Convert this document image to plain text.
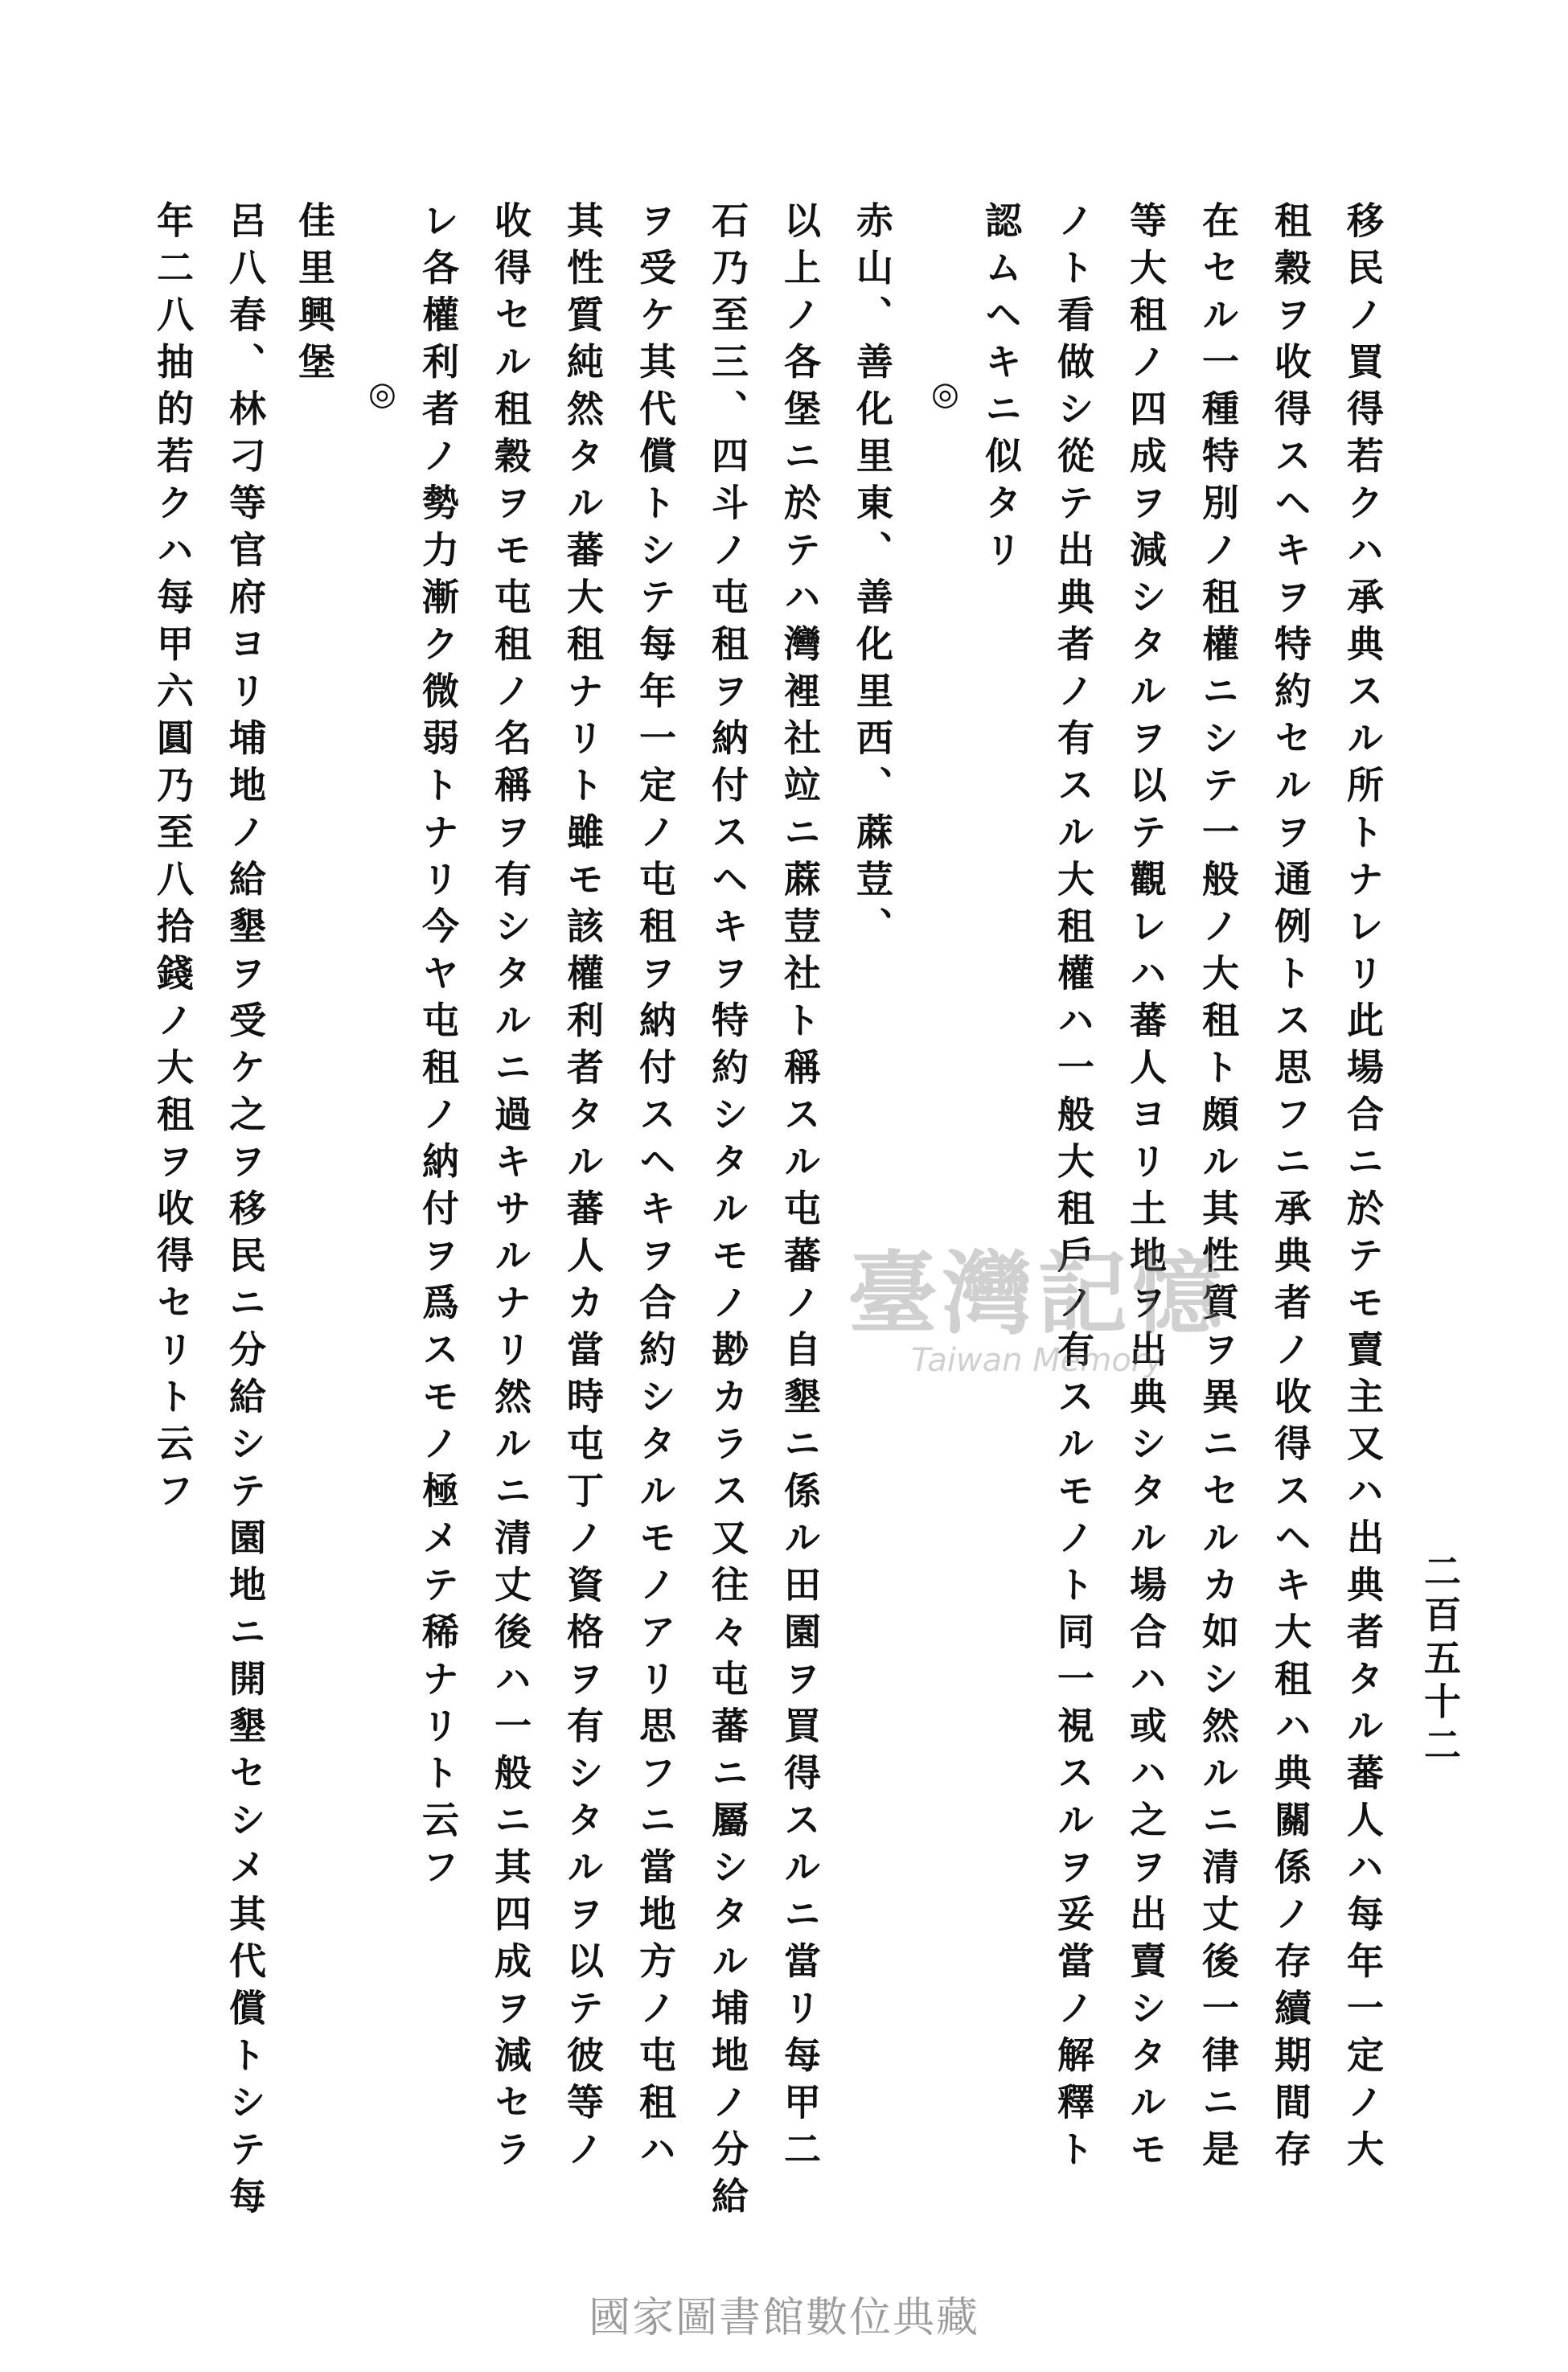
二百五十二
移民ノ買得若クハ承典スル所トナレリ此場合ニ於テモ賣主又ハ出典者タル蕃人ハ每年一定ノ大
租穀ヲ收得スヘキヲ特約セルヲ通例トス思フニ承典者ノ收得スヘキ大租ハ典關係ノ存續期間存
在セル一種特別ノ租權ニシテ一般ノ大租ト頗ル其性質ヲ異ニセルカ如シ然ルニ清丈後一律ニ是
等大租ノ四成ヲ減シタルヲ以テ觀レハ蕃人ヨリ土地ヲ出典シタル場合ハ或ハ之ヲ出賣シタルモ
ノト看做シ從テ出典者ノ有スル大租權ハ一般大租戶ノ有スルモノト同一視スルヲ妥當ノ解釋ト
認ムヘキニ似タリ
◎
赤山、善化里東、善化里西、蔴荳、
以上ノ各堡ニ於テハ灣裡社竝ニ蔴荳社ト稱スル屯蕃ノ自墾ニ係ル田園ヲ買得スルニ當リ每甲二
石乃至三、四斗ノ屯租ヲ納付スヘキヲ特約シタルモノ尠カラス又往々屯蕃ニ屬シタル埔地ノ分給
ヲ受ケ其代償トシテ每年一定ノ屯租ヲ納付スヘキヲ合約シタルモノアリ思フニ當地方ノ屯租ハ
其性質純然タル蕃大租ナリト雖モ該權利者タル蕃人カ當時屯丁ノ資格ヲ有シタルヲ以テ彼等ノ
收得セル租穀ヲモ屯租ノ名稱ヲ有シタルニ過キサルナリ然ルニ清丈後ハ一般ニ其四成ヲ減セラ
レ各權利者ノ勢力漸ク微弱トナリ今ヤ屯租ノ納付ヲ爲スモノ極メテ稀ナリト云フ
◎
佳里興堡
呂八春、林刁等官府ヨリ埔地ノ給墾ヲ受ケ之ヲ移民ニ分給シテ園地ニ開墾セシメ其代償トシテ每
年二八抽的若クハ每甲六圓乃至八拾錢ノ大租ヲ收得セリト云フ	臺灣記憶
Taiwan Memory
國家圖書館數位典藏
